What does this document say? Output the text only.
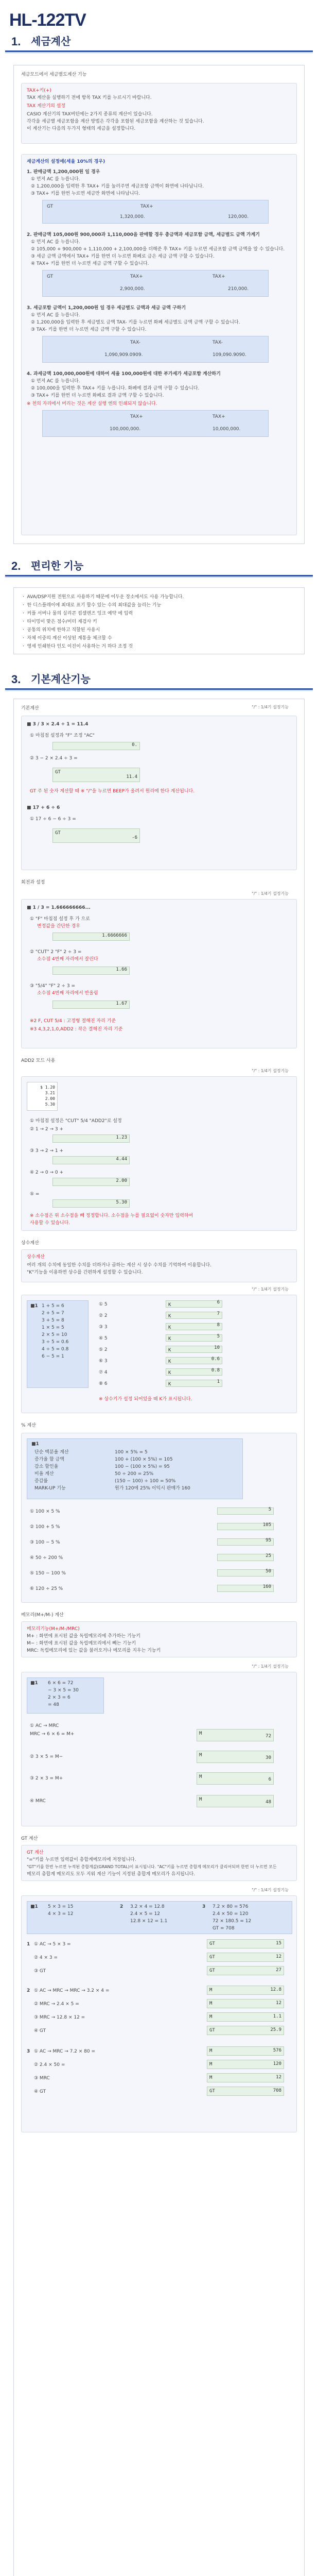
HL-122TV
1. 세금계산
세금모드에서 세금별도계산 기능
TAX+키(+)
TAX 계산을 실행하기 전에 항목 TAX 키를 누르시기 바랍니다.
TAX 계산기의 설정
CASIO 계산기의 TAX버턴에는 2가지 종류의 계산이 있습니다.
각각을 세금별 세금포함을 계산 방법은 각각을 포함된 세금포함을 계산하는 것 있습니다.
이 계산기는 다음의 두가지 형태의 세금을 설정합니다.
세금계산의 설정예(세율 10%의 경우)
1. 판매금액 1,200,000원 일 경우
① 먼저 AC 를 누릅니다.
② 1,200,000을 입력한 후 TAX+ 키를 눌러주면 세금포함 금액이 화면에 나타납니다.
③ TAX+ 키를 한번 누르면 세금만 화면에 나타납니다.
GT	TAX+
1,320,000.	120,000.
2. 판매금액 105,000원 900,000과 1,110,000을 판매할 경우 총금액과 세금포함 금액, 세금별도 금액 가계기
① 먼저 AC 를 누릅니다.
② 105,000 + 900,000 + 1,110,000 + 2,100,000을 더해준 후 TAX+ 키를 누르면 세금포함 금액 금액을 알 수 있습니다.
③ 세금 금액 금액에서 TAX+ 키를 한번 더 누르면 화폐로 금은 세금 금액 구할 수 있습니다.
④ TAX+ 키를 한번 더 누르면 세금 금액 구할 수 있습니다.
GT	TAX+	TAX+
2,900,000.	210,000.
3. 세금포함 금액이 1,200,000원 일 경우 세금별도 금액과 세금 금액 구하기
① 먼저 AC 를 누릅니다.
② 1,200,000을 입력한 후 세금별도 금액 TAX- 키를 누르면 화폐 세금별도 금액 금액 구할 수 있습니다.
③ TAX- 키를 한번 더 누르면 세금 금액 구할 수 있습니다.
TAX-	TAX-
1,090,909.0909.	109,090.9090.
4. 과세금액 100,000,000원에 대하여 세율 100,000원에 대한 부가세가 세금포함 계산하기
① 먼저 AC 를 누릅니다.
② 100,000을 입력한 후 TAX+ 키를 누릅니다. 화폐에 결과 금액 구할 수 있습니다.
③ TAX+ 키를 한번 더 누르면 화폐로 결과 금액 구할 수 있습니다.
※ 천의 자리에서 버리는 것은 계산 실행 엔의 인쇄되지 않습니다.
TAX+	TAX+
100,000,000.	10,000,000.
2. 편리한 기능
ㆍ AVA/DSP지원 전원으로 사용하기 때문에 어두운 장소에서도 사용 가능합니다.
ㆍ 한 디스플레이에 최대로 표기 할수 있는 수의 최대값을 늘리는 기능
ㆍ 커플 서버나 물의 실리콘 컵셀렌즈 잉크 예약 에 입력
ㆍ 타이밍이 맞은 점수/미터 재검사 키
ㆍ 공통의 위치에 한하고 직할된 사용시
ㆍ 자체 이중의 계산 이상된 계통을 체크할 수
ㆍ 영세 인쇄한다 인도 이진이 사용하는 거 하다 조정 것
3. 기본계산기능
"/" : 1/4기 설정기능
기본계산
■ 3 / 3 × 2.4 ÷ 1 = 11.4
① 마침점 설정과 "F" 조정 "AC"
0.
② 3 − 2 × 2.4 ÷ 3 =
GT
11.4
GT 주 된 숫자 계산할 때 ※ "/"을 누르면 BEEP가 울려서 원리에 한다 계산됩니다.
■ 17 + 6 ÷ 6
① 17 ÷ 6 − 6 ÷ 3 =
GT
-6
회전과 설정
"/" : 1/4기 설정기능
■ 1 / 3 = 1.666666666...
① "F" 마침점 설정 후 가 으로
변정값을 간단한 경우
1.6666666
② "CUT" 2 "F" 2 ÷ 3 =
소수점 4번째 자리에서 잘린다
1.66
③ "5/4" "F" 2 ÷ 3 =
소수점 4번째 자리에서 반올림
1.67
※2 F, CUT 5/4 : 고정형 절해진 자리 기준
※3 4,3,2,1,0,ADD2 : 작은 결해진 자리 기준
ADD2 모드 사용
"/" : 1/4기 설정기능
$ 1.20
3.21
2.00
5.30
① 마침점 설정은 "CUT" 5/4 "ADD2"로 설정
② 1 → 2 → 3 +
1.23
③ 3 → 2 → 1 +
4.44
④ 2 → 0 → 0 +
2.00
⑤ =
5.30
※ 소수점은 위 소수점을 빼 정정합니다. 소수점을 누를 필요없이 숫자만 입력하여
사용할 수 있습니다.
상수계산
상수계산
여러 개의 수치에 동일한 수치를 더하거나 곱하는 계산 시 상수 수치를 기억하여 이용합니다.
"K"기능을 이용하면 상수를 간편하게 설정할 수 있습니다.
"/" : 1/4기 설정기능
■1 1 + 5 = 6
2 + 5 = 7
3 + 5 = 8
1 × 5 = 5
2 × 5 = 10
3 ÷ 5 = 0.6
4 ÷ 5 = 0.8
6 − 5 = 1
① 5	K
6
② 2	K
7
③ 3	K
8
④ 5	K
5
⑤ 2	K
10
⑥ 3	K
0.6
⑦ 4	K
0.8
⑧ 6	K
1
※ 상수키가 설정 되어있을 때 K가 표시됩니다.
% 계산
■1
단순 백분율 계산	100 × 5% = 5
증가율 할 금액	100 + (100 × 5%) = 105
감소 할인율	100 − (100 × 5%) = 95
비율 계산	50 ÷ 200 = 25%
증감률	(150 − 100) ÷ 100 = 50%
MARK-UP 기능	원가 120에 25% 이익시 판매가 160
① 100 × 5 %	5
② 100 + 5 %	105
③ 100 − 5 %	95
④ 50 ÷ 200 %	25
⑤ 150 − 100 %	50
⑥ 120 ÷ 25 %	160
메모리(M+/M-) 계산
메모리기능(M+/M-/MRC)
M+ : 화면에 표시된 값을 독립메모리에 추가하는 기능키
M− : 화면에 표시된 값을 독립메모리에서 빼는 기능키
MRC: 독립메모리에 있는 값을 불러오거나 메모리를 지우는 기능키
"/" : 1/4기 설정기능
■1 6 × 6 = 72
− 3 × 5 = 30
2 × 3 = 6
= 48
① AC → MRC
MRC → 6 × 6 = M+	M	72
② 3 × 5 = M−	M	30
③ 2 × 3 = M+	M	6
④ MRC	M	48
GT 계산
GT 계산
"="키를 누르면 입력값이 총합계메모리에 저장됩니다.
"GT"키를 한번 누르면 누적된 총합계값(GRAND TOTAL)이 표시됩니다. "AC"키를 누르면 총합계 메모리가 클리어되며 한번 더 누르면 모든
메모리 총합계 메모리도 모두 지워 계산 기능이 지정된 총합계 메모리가 유지됩니다.
"/" : 1/4기 설정기능
■1 5 × 3 = 15
4 × 3 = 12
2 3.2 × 4 = 12.8
2.4 × 5 = 12
12.8 × 12 = 1.1
3 7.2 × 80 = 576
2.4 × 50 = 120
72 × 180.5 = 12
GT = 708
1 ① AC → 5 × 3 =	GT	15
② 4 × 3 =	GT	12
③ GT	GT	27
2 ① AC → MRC → MRC → 3.2 × 4 =	M	12.8
② MRC → 2.4 × 5 =	M	12
③ MRC → 12.8 × 12 =	M	1.1
④ GT	GT	25.9
3 ① AC → MRC → 7.2 × 80 =	M	576
② 2.4 × 50 =	M	120
③ MRC	M	12
④ GT	GT	708
